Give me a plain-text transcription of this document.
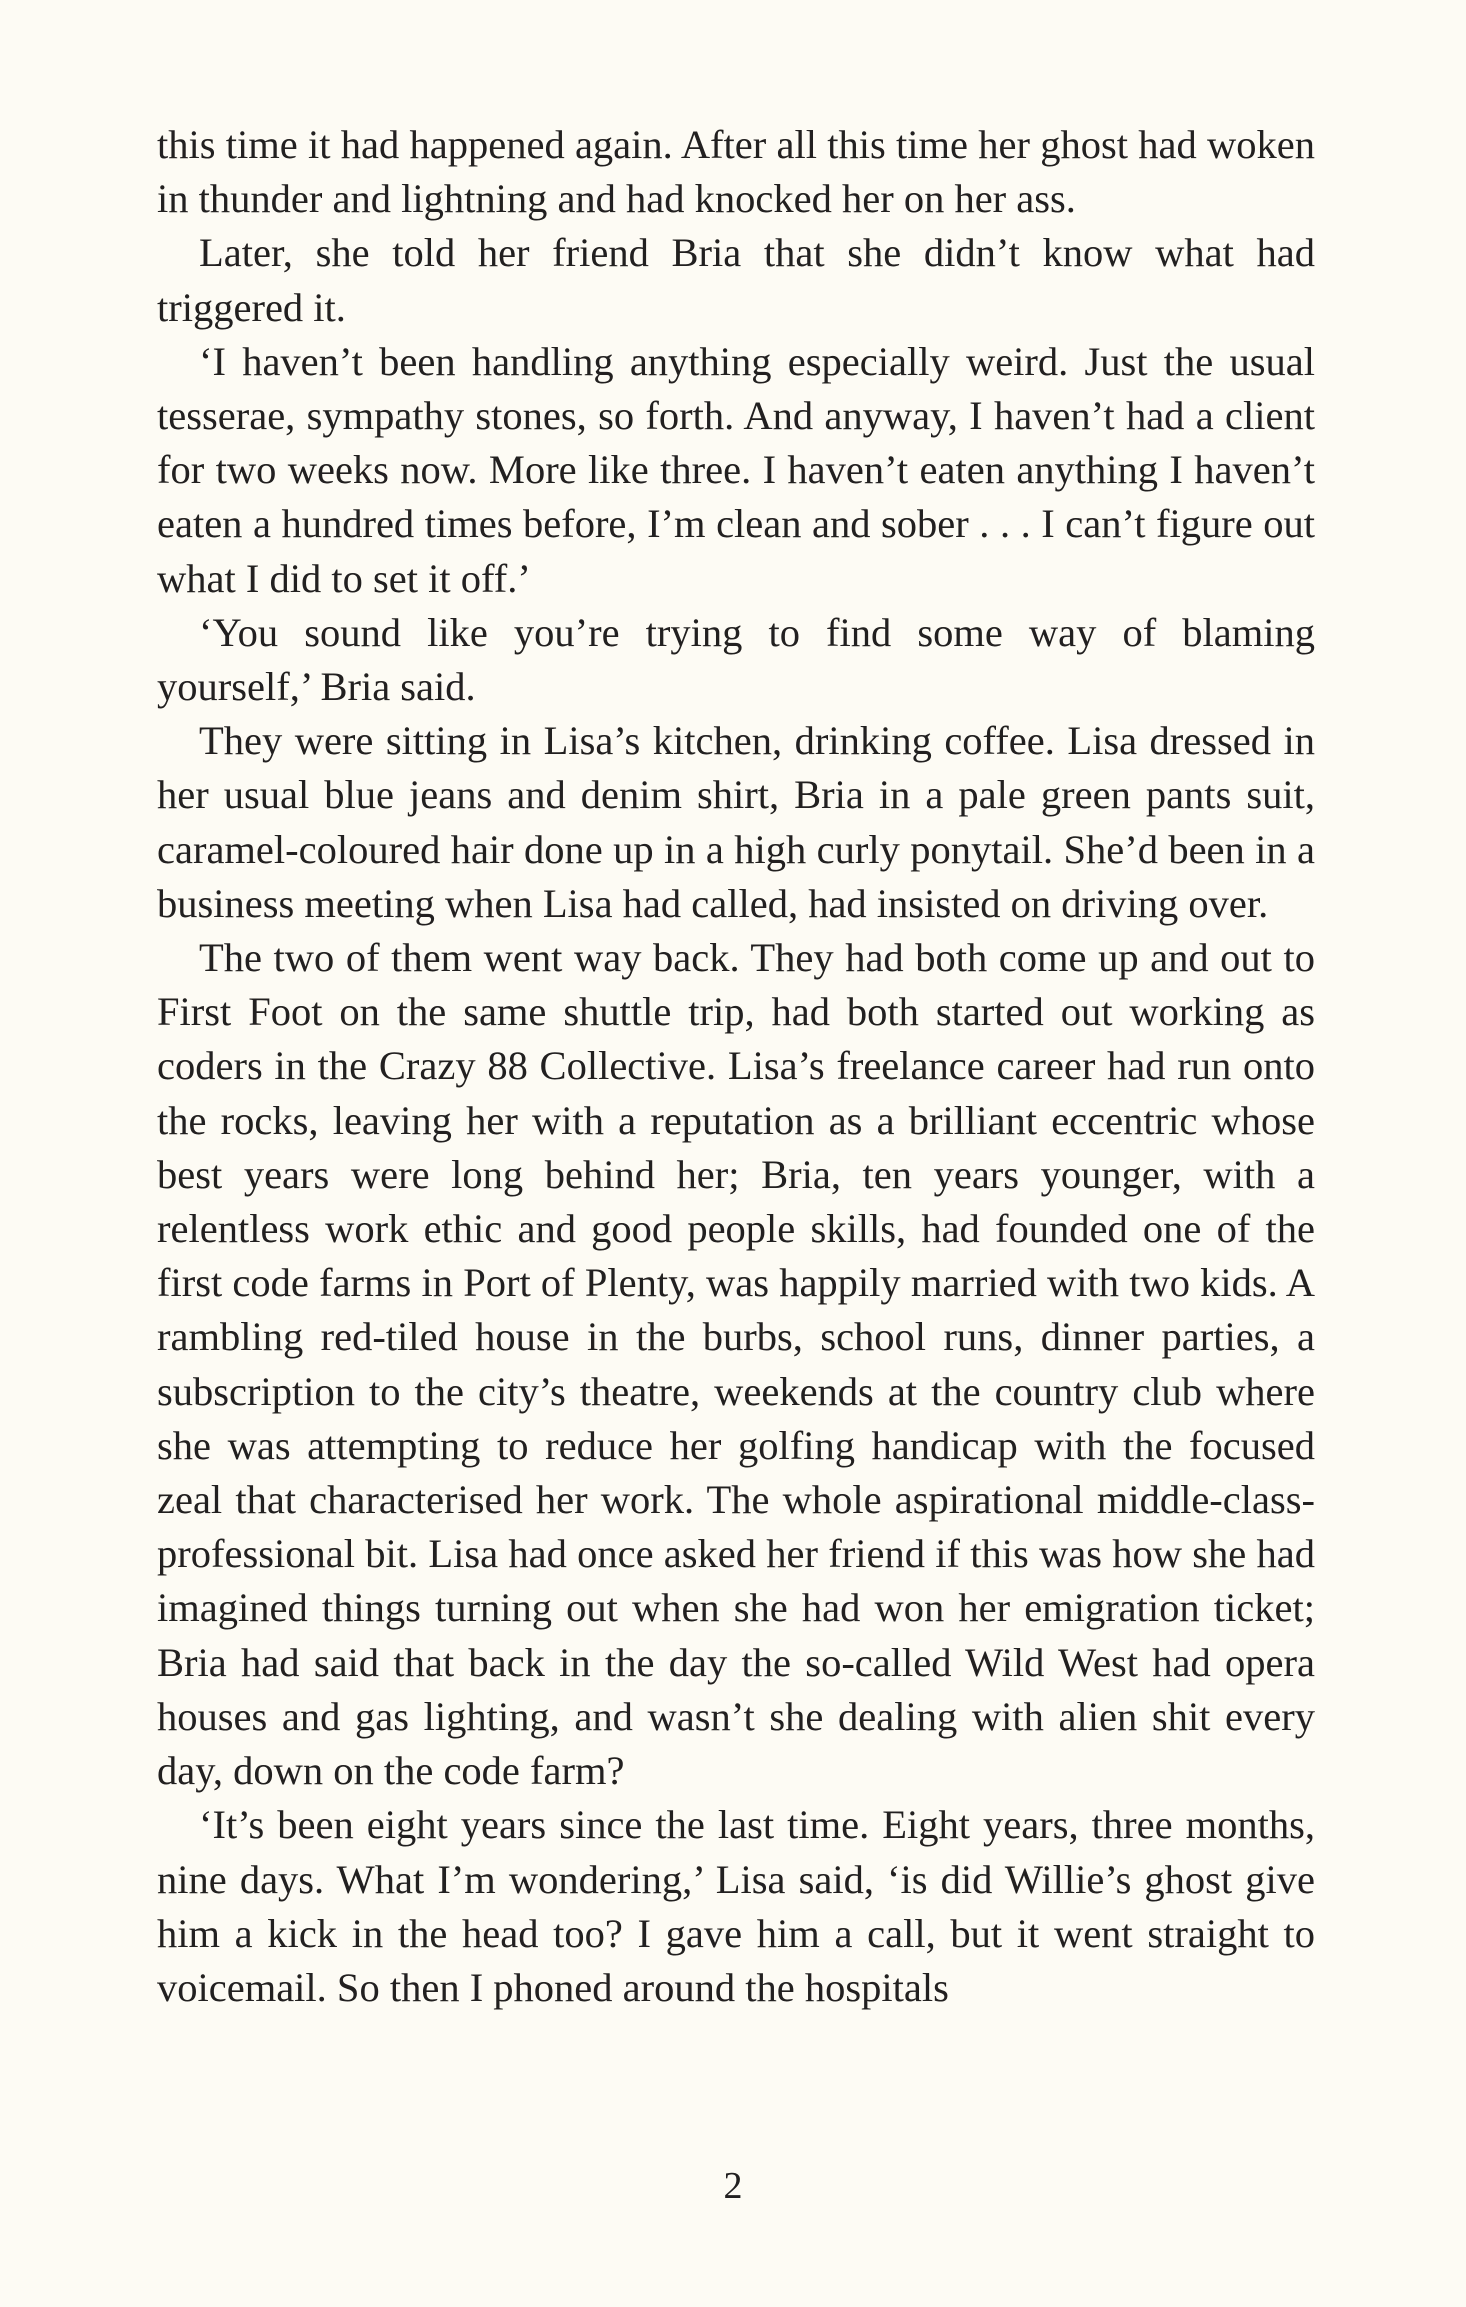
this time it had happened again. After all this time her ghost had woken in thunder and lightning and had knocked her on her ass.

Later, she told her friend Bria that she didn’t know what had triggered it.

‘I haven’t been handling anything especially weird. Just the usual tesserae, sympathy stones, so forth. And anyway, I haven’t had a client for two weeks now. More like three. I haven’t eaten anything I haven’t eaten a hundred times before, I’m clean and sober . . . I can’t figure out what I did to set it off.’

‘You sound like you’re trying to find some way of blaming yourself,’ Bria said.

They were sitting in Lisa’s kitchen, drinking coffee. Lisa dressed in her usual blue jeans and denim shirt, Bria in a pale green pants suit, caramel-coloured hair done up in a high curly ponytail. She’d been in a business meeting when Lisa had called, had insisted on driving over.

The two of them went way back. They had both come up and out to First Foot on the same shuttle trip, had both started out working as coders in the Crazy 88 Collective. Lisa’s freelance career had run onto the rocks, leaving her with a reputation as a brilliant eccentric whose best years were long behind her; Bria, ten years younger, with a relentless work ethic and good people skills, had founded one of the first code farms in Port of Plenty, was happily married with two kids. A rambling red-tiled house in the burbs, school runs, dinner parties, a subscription to the city’s theatre, weekends at the country club where she was attempting to reduce her golfing handicap with the focused zeal that characterised her work. The whole aspirational middle-class-professional bit. Lisa had once asked her friend if this was how she had imagined things turning out when she had won her emigration ticket; Bria had said that back in the day the so-called Wild West had opera houses and gas lighting, and wasn’t she dealing with alien shit every day, down on the code farm?

‘It’s been eight years since the last time. Eight years, three months, nine days. What I’m wondering,’ Lisa said, ‘is did Willie’s ghost give him a kick in the head too? I gave him a call, but it went straight to voicemail. So then I phoned around the hospitals

2
